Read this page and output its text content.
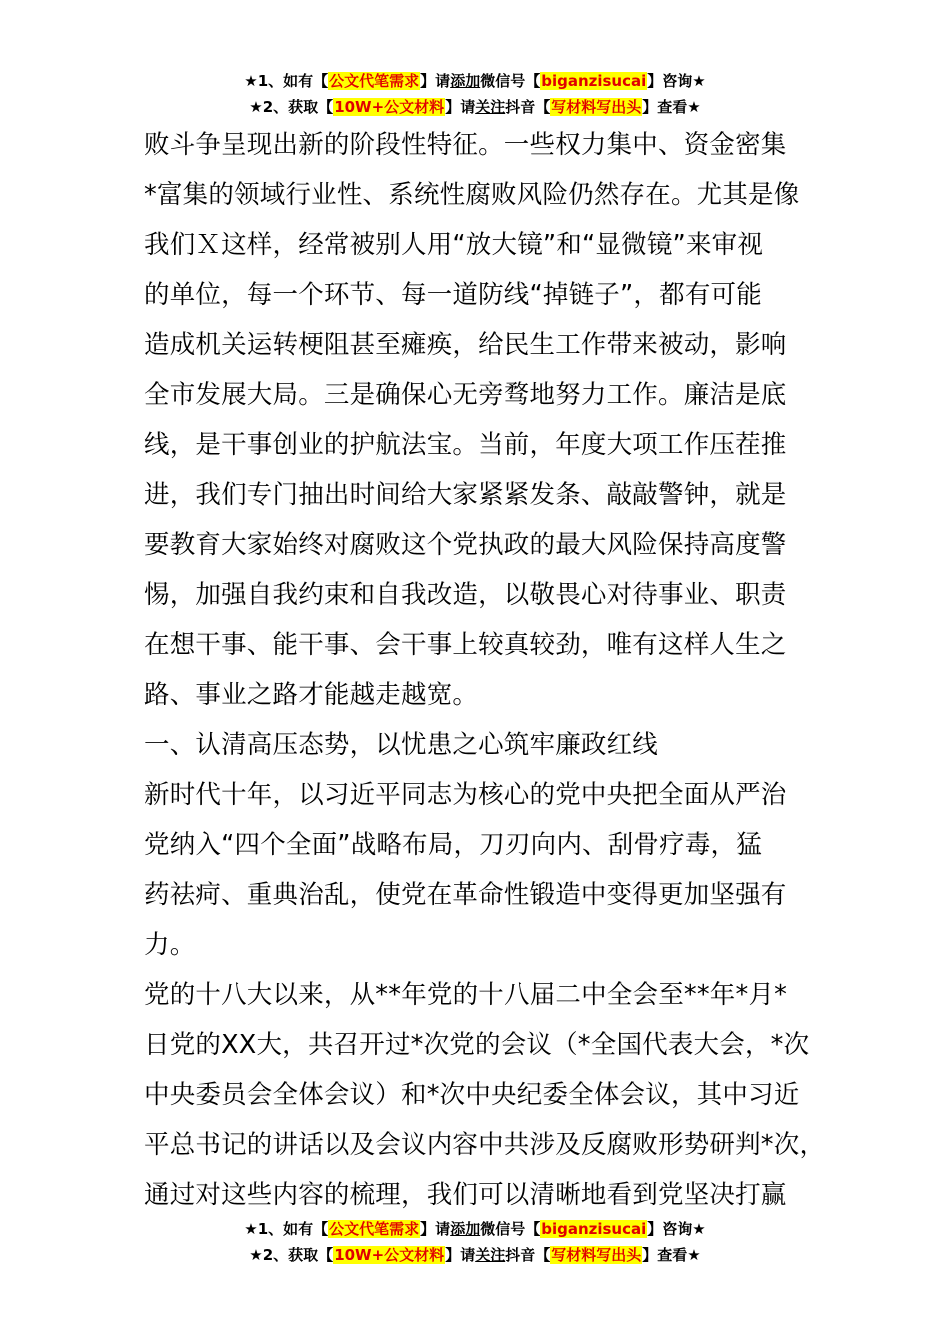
★1、如有【公文代笔需求】请添加微信号【biganzisucai】咨询★
★2、获取【10W+公文材料】请关注抖音【写材料写出头】查看★
败斗争呈现出新的阶段性特征。一些权力集中、资金密集
*富集的领域行业性、系统性腐败风险仍然存在。尤其是像
我们Ｘ这样，经常被别人用“放大镜”和“显微镜”来审视
的单位，每一个环节、每一道防线“掉链子”，都有可能
造成机关运转梗阻甚至瘫痪，给民生工作带来被动，影响
全市发展大局。三是确保心无旁骛地努力工作。廉洁是底
线，是干事创业的护航法宝。当前，年度大项工作压茬推
进，我们专门抽出时间给大家紧紧发条、敲敲警钟，就是
要教育大家始终对腐败这个党执政的最大风险保持高度警
惕，加强自我约束和自我改造，以敬畏心对待事业、职责
在想干事、能干事、会干事上较真较劲，唯有这样人生之
路、事业之路才能越走越宽。
一、认清高压态势，以忧患之心筑牢廉政红线
新时代十年，以习近平同志为核心的党中央把全面从严治
党纳入“四个全面”战略布局，刀刃向内、刮骨疗毒，猛
药祛疴、重典治乱，使党在革命性锻造中变得更加坚强有
力。
党的十八大以来，从**年党的十八届二中全会至**年*月*
日党的XX大，共召开过*次党的会议（*全国代表大会，*次
中央委员会全体会议）和*次中央纪委全体会议，其中习近
平总书记的讲话以及会议内容中共涉及反腐败形势研判*次，
通过对这些内容的梳理，我们可以清晰地看到党坚决打赢
★1、如有【公文代笔需求】请添加微信号【biganzisucai】咨询★
★2、获取【10W+公文材料】请关注抖音【写材料写出头】查看★
